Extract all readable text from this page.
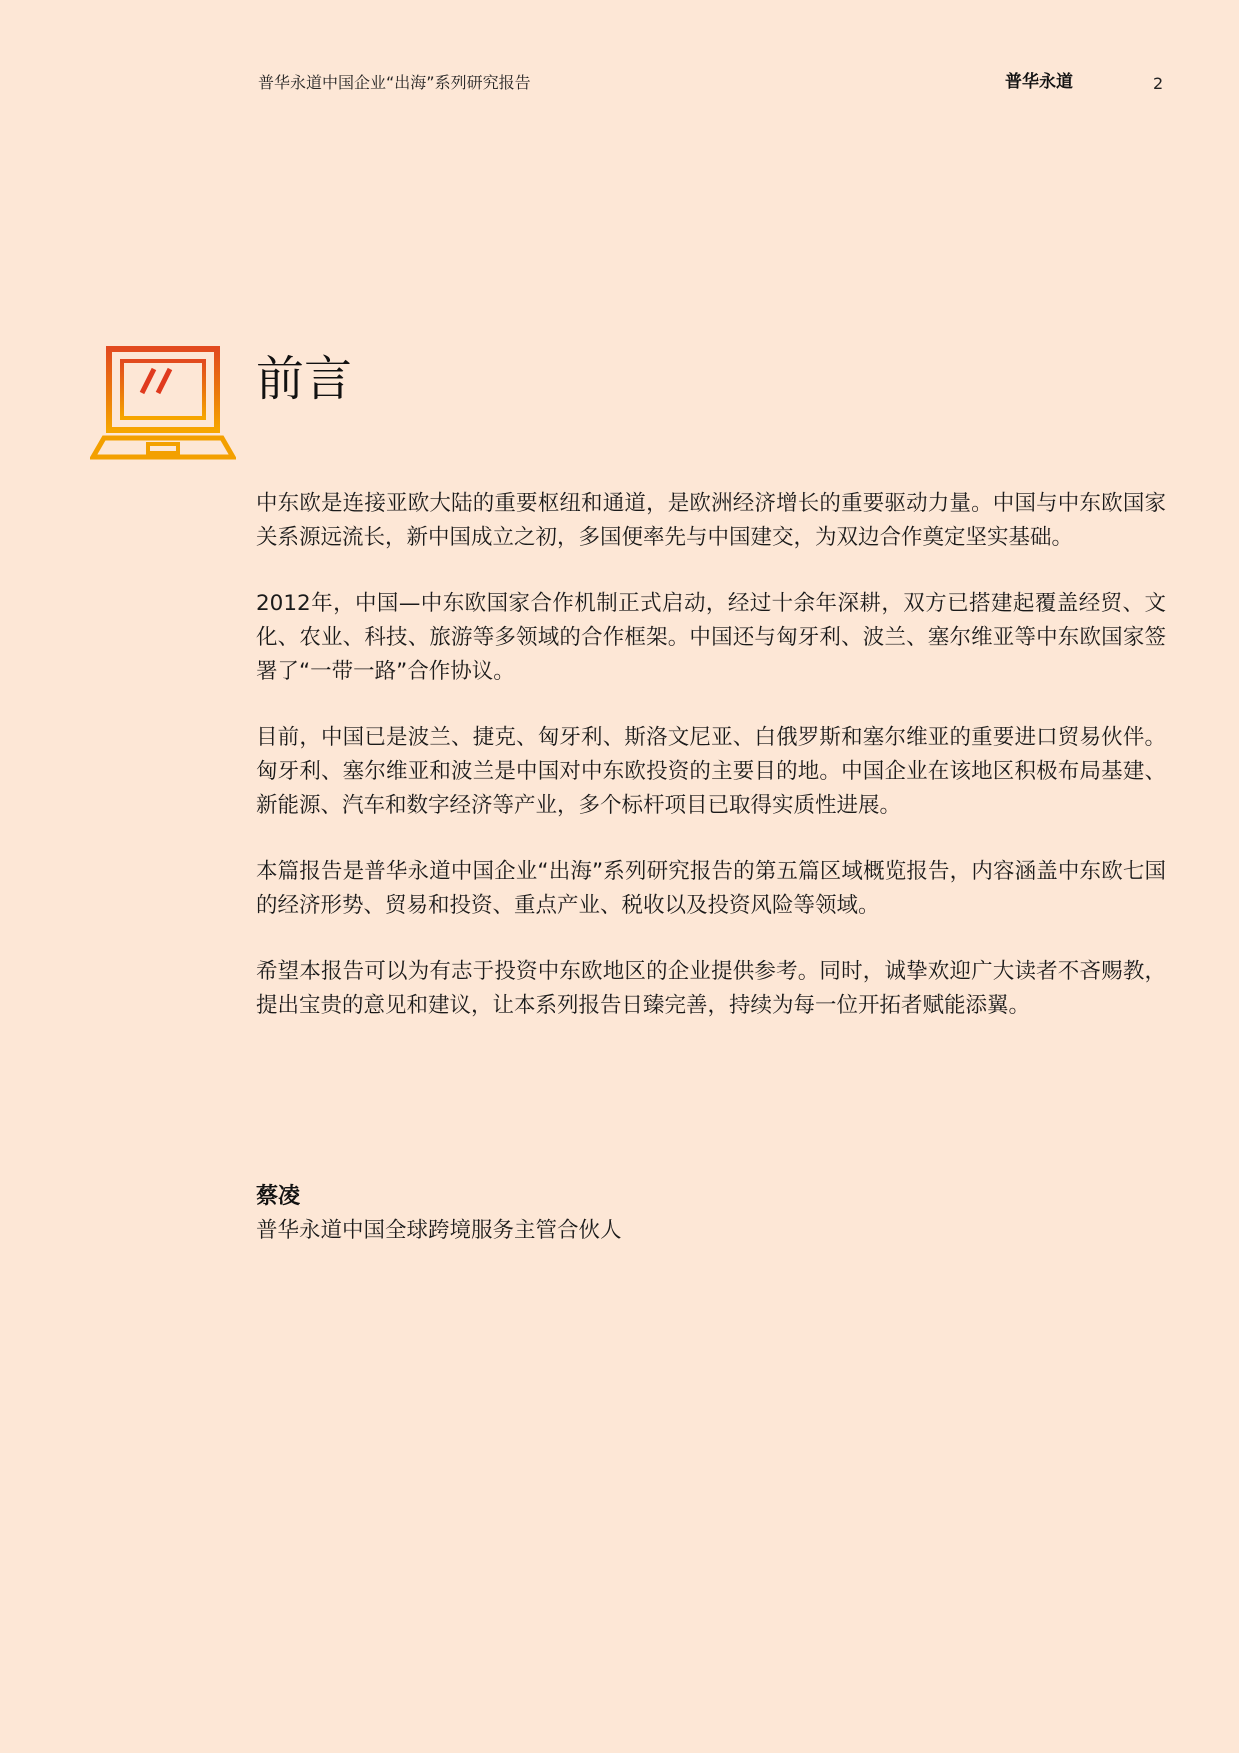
普华永道中国企业“出海”系列研究报告	普华永道	2
前言

中东欧是连接亚欧大陆的重要枢纽和通道，是欧洲经济增长的重要驱动力量。中国与中东欧国家关系源远流长，新中国成立之初，多国便率先与中国建交，为双边合作奠定坚实基础。

2012年，中国—中东欧国家合作机制正式启动，经过十余年深耕，双方已搭建起覆盖经贸、文化、农业、科技、旅游等多领域的合作框架。中国还与匈牙利、波兰、塞尔维亚等中东欧国家签署了“一带一路”合作协议。

目前，中国已是波兰、捷克、匈牙利、斯洛文尼亚、白俄罗斯和塞尔维亚的重要进口贸易伙伴。匈牙利、塞尔维亚和波兰是中国对中东欧投资的主要目的地。中国企业在该地区积极布局基建、新能源、汽车和数字经济等产业，多个标杆项目已取得实质性进展。

本篇报告是普华永道中国企业“出海”系列研究报告的第五篇区域概览报告，内容涵盖中东欧七国的经济形势、贸易和投资、重点产业、税收以及投资风险等领域。

希望本报告可以为有志于投资中东欧地区的企业提供参考。同时，诚挚欢迎广大读者不吝赐教，提出宝贵的意见和建议，让本系列报告日臻完善，持续为每一位开拓者赋能添翼。

蔡凌
普华永道中国全球跨境服务主管合伙人
